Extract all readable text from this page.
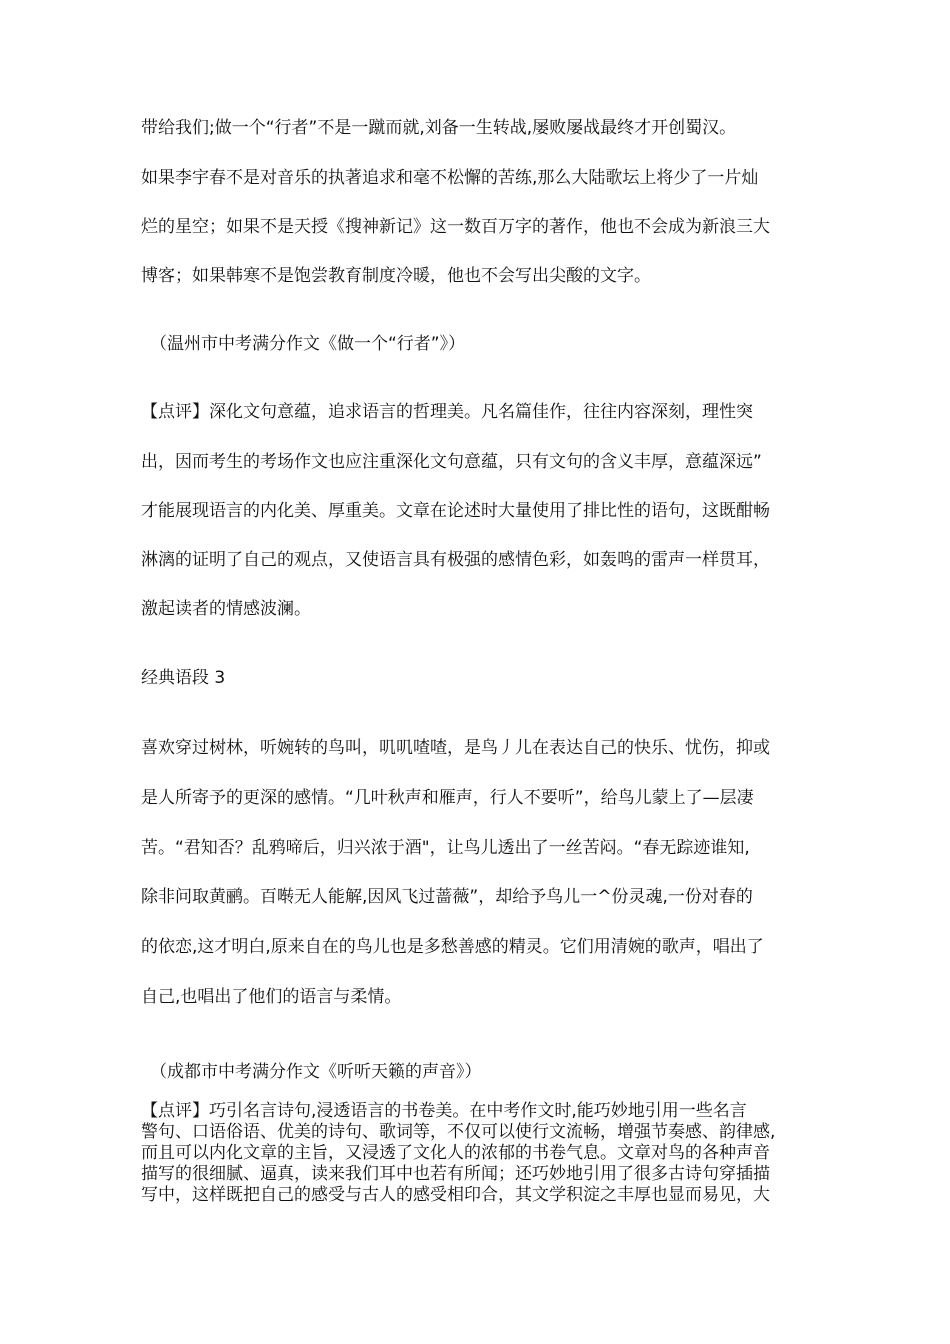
带给我们;做一个“行者”不是一蹴而就,刘备一生转战,屡败屡战最终才开创蜀汉。
如果李宇春不是对音乐的执著追求和毫不松懈的苦练,那么大陆歌坛上将少了一片灿
烂的星空；如果不是天授《搜神新记》这一数百万字的著作，他也不会成为新浪三大
博客；如果韩寒不是饱尝教育制度冷暖，他也不会写出尖酸的文字。
（温州市中考满分作文《做一个“行者”》）
【点评】深化文句意蕴，追求语言的哲理美。凡名篇佳作，往往内容深刻，理性突
出，因而考生的考场作文也应注重深化文句意蕴，只有文句的含义丰厚，意蕴深远”
才能展现语言的内化美、厚重美。文章在论述时大量使用了排比性的语句，这既酣畅
淋漓的证明了自己的观点，又使语言具有极强的感情色彩，如轰鸣的雷声一样贯耳，
激起读者的情感波澜。
经典语段 3
喜欢穿过树林，听婉转的鸟叫，叽叽喳喳，是鸟丿儿在表达自己的快乐、忧伤，抑或
是人所寄予的更深的感情。“几叶秋声和雁声，行人不要听”，给鸟儿蒙上了—层凄
苦。“君知否？乱鸦啼后，归兴浓于酒"，让鸟儿透出了一丝苦闷。“春无踪迹谁知,
除非问取黄鹂。百啭无人能解,因风飞过蔷薇”，却给予鸟儿一^份灵魂,一份对春的
的依恋,这才明白,原来自在的鸟儿也是多愁善感的精灵。它们用清婉的歌声，唱出了
自己,也唱出了他们的语言与柔情。
（成都市中考满分作文《听听天籁的声音》）
【点评】巧引名言诗句,浸透语言的书卷美。在中考作文时,能巧妙地引用一些名言
警句、口语俗语、优美的诗句、歌词等，不仅可以使行文流畅，增强节奏感、韵律感,
而且可以内化文章的主旨，又浸透了文化人的浓郁的书卷气息。文章对鸟的各种声音
描写的很细腻、逼真，读来我们耳中也若有所闻；还巧妙地引用了很多古诗句穿插描
写中，这样既把自己的感受与古人的感受相印合，其文学积淀之丰厚也显而易见，大
